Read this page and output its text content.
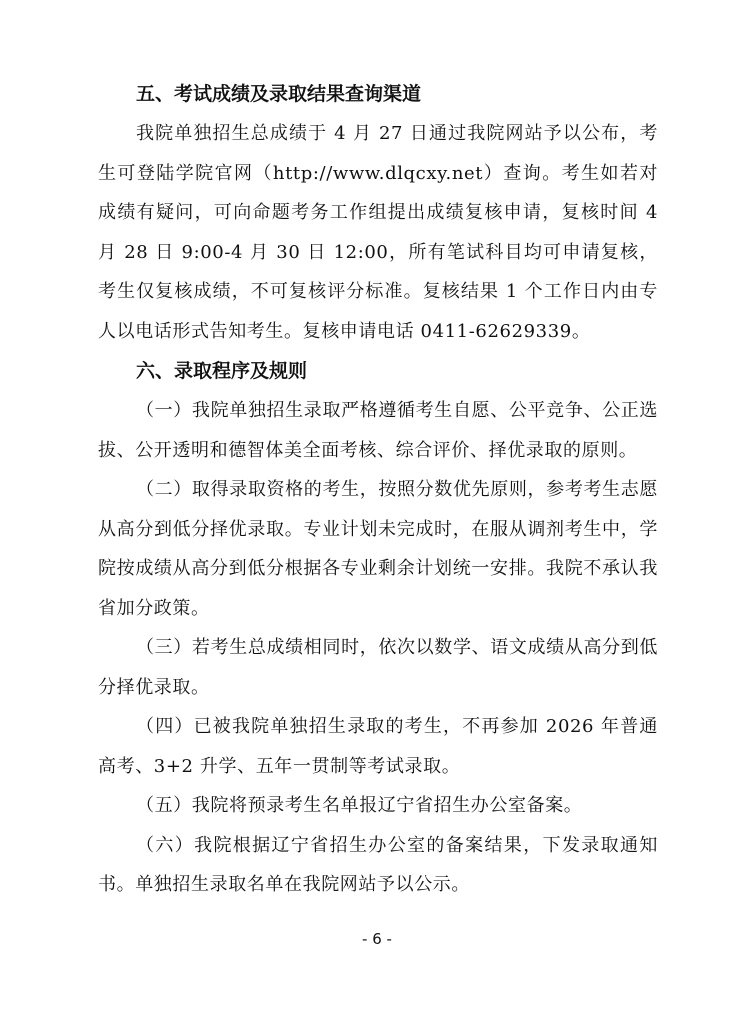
五、考试成绩及录取结果查询渠道

我院单独招生总成绩于 4 月 27 日通过我院网站予以公布，考生可登陆学院官网（http://www.dlqcxy.net）查询。考生如若对成绩有疑问，可向命题考务工作组提出成绩复核申请，复核时间 4 月 28 日 9:00-4 月 30 日 12:00，所有笔试科目均可申请复核，考生仅复核成绩，不可复核评分标准。复核结果 1 个工作日内由专人以电话形式告知考生。复核申请电话 0411-62629339。

六、录取程序及规则

（一）我院单独招生录取严格遵循考生自愿、公平竞争、公正选拔、公开透明和德智体美全面考核、综合评价、择优录取的原则。

（二）取得录取资格的考生，按照分数优先原则，参考考生志愿从高分到低分择优录取。专业计划未完成时，在服从调剂考生中，学院按成绩从高分到低分根据各专业剩余计划统一安排。我院不承认我省加分政策。

（三）若考生总成绩相同时，依次以数学、语文成绩从高分到低分择优录取。

（四）已被我院单独招生录取的考生，不再参加 2026 年普通高考、3+2 升学、五年一贯制等考试录取。

（五）我院将预录考生名单报辽宁省招生办公室备案。

（六）我院根据辽宁省招生办公室的备案结果，下发录取通知书。单独招生录取名单在我院网站予以公示。

- 6 -
